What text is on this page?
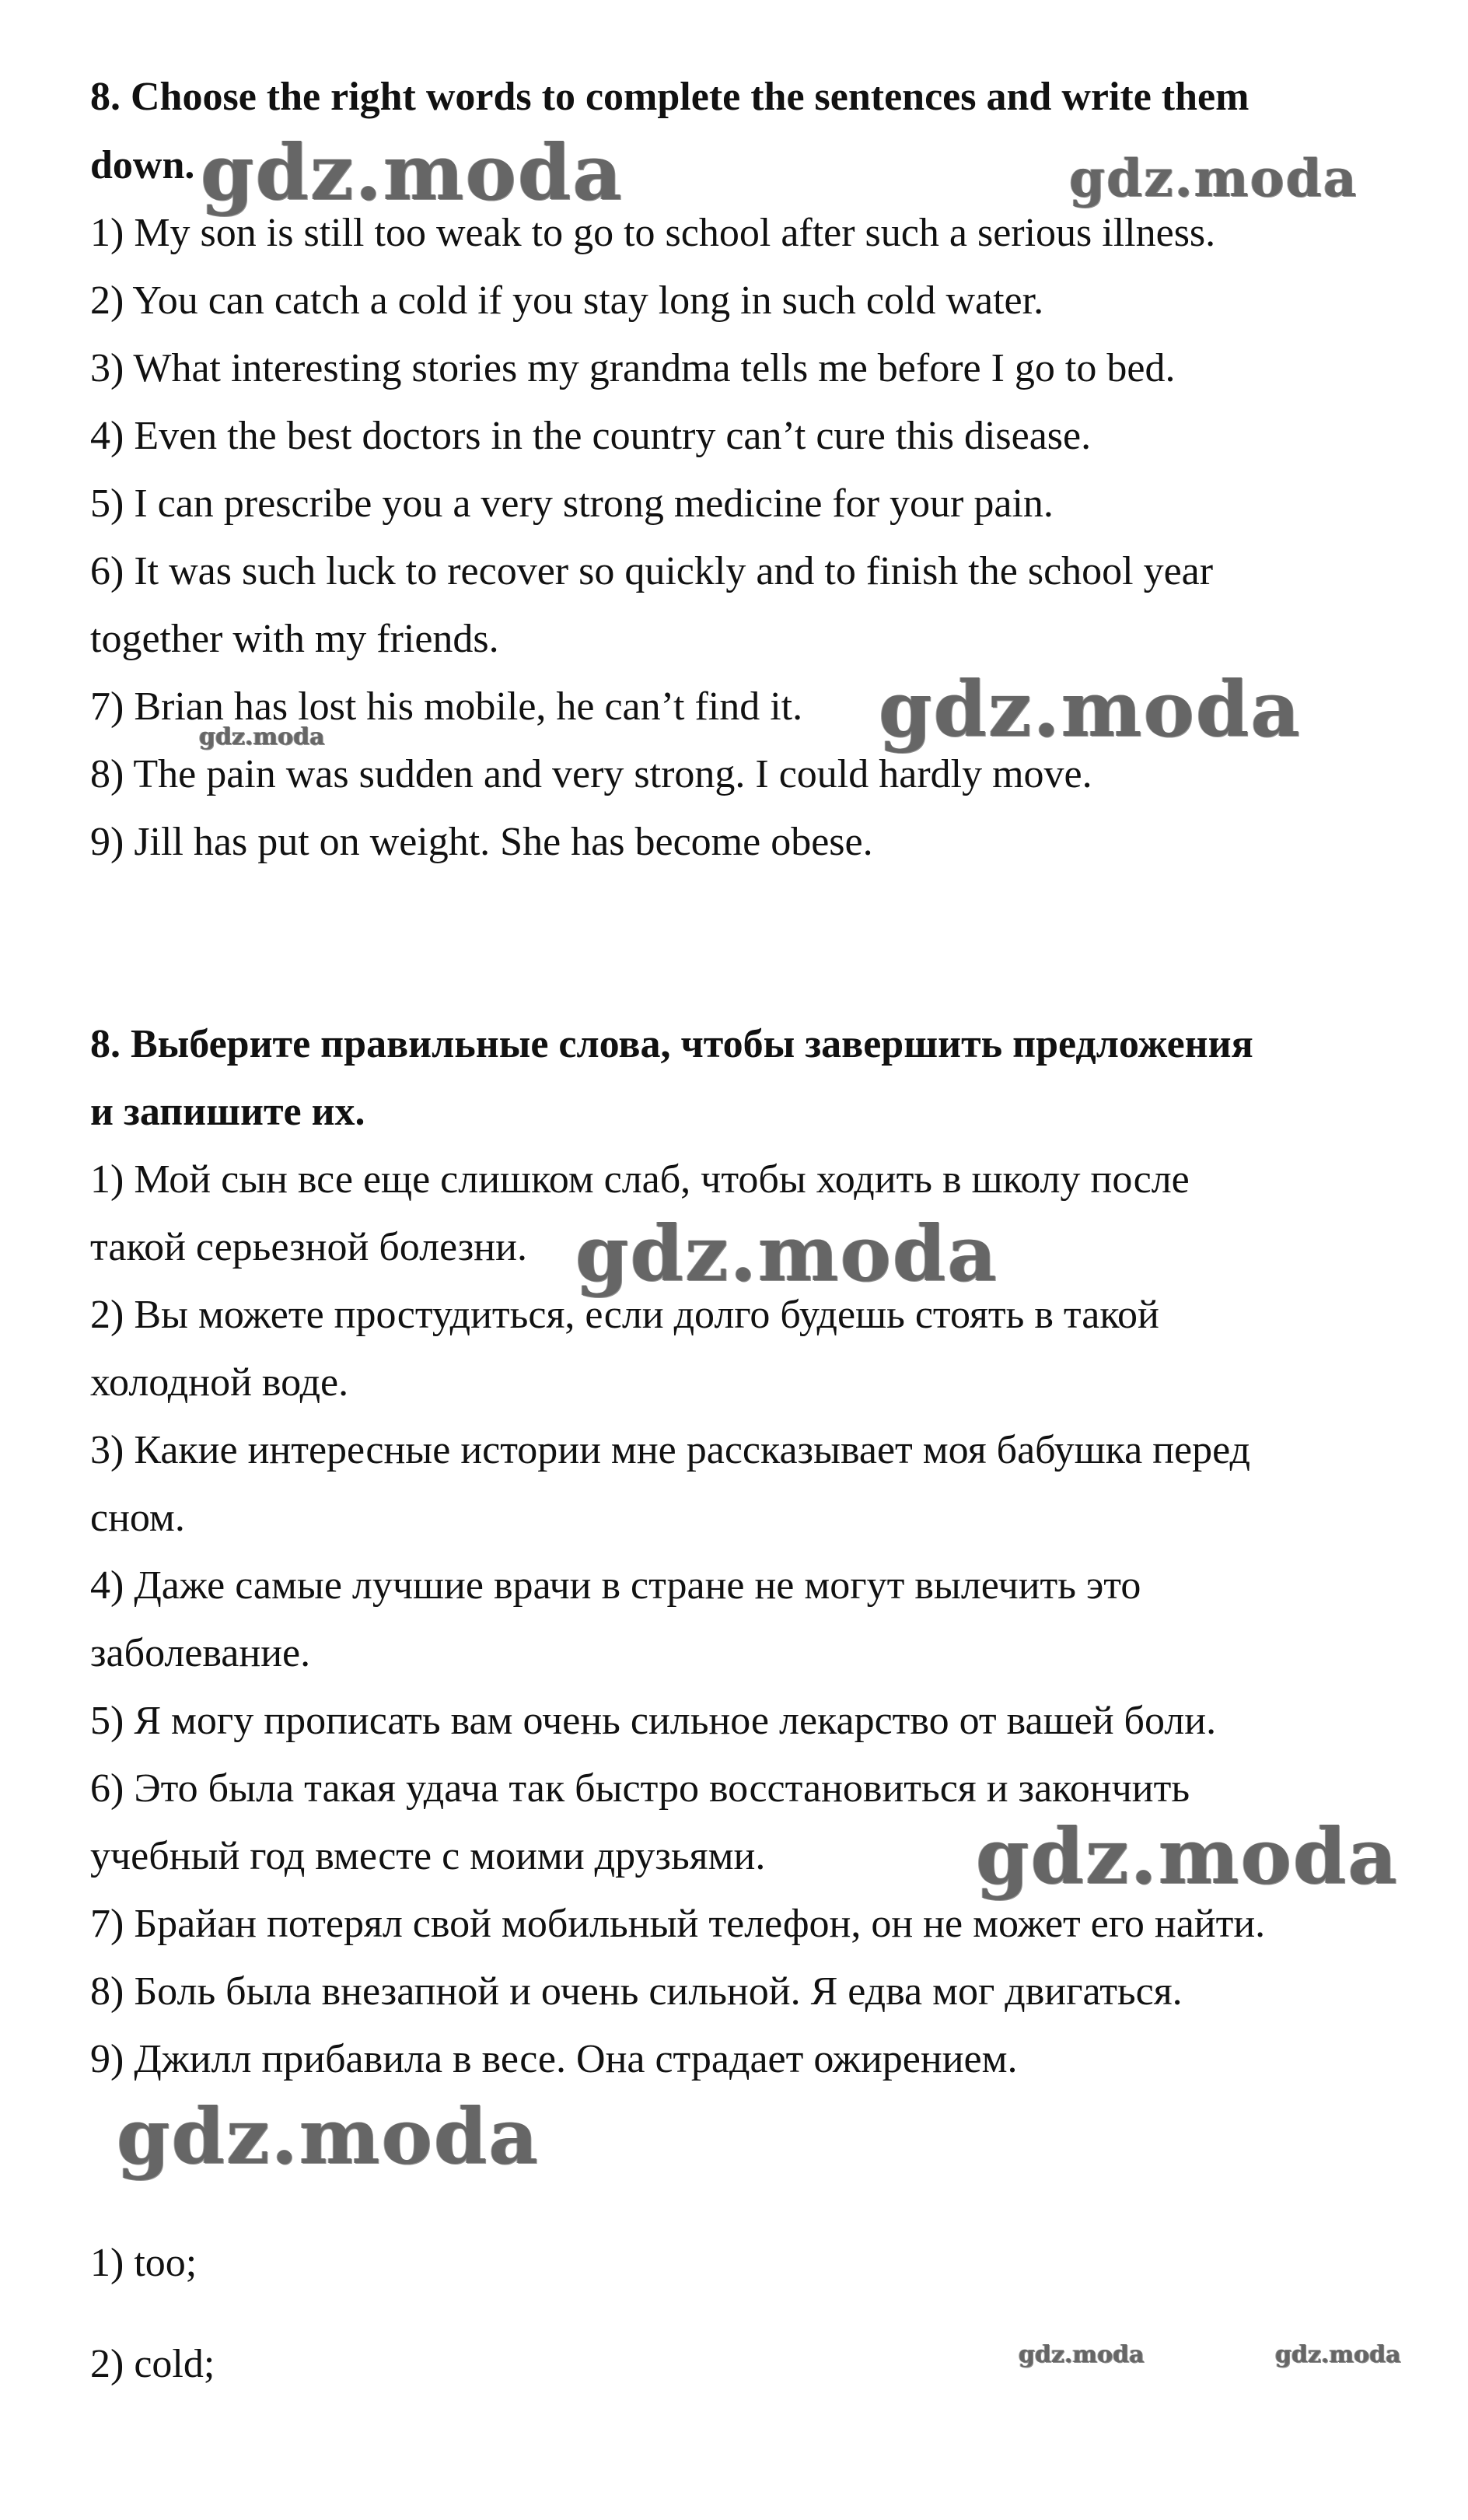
8. Choose the right words to complete the sentences and write them
down.
1) My son is still too weak to go to school after such a serious illness.
2) You can catch a cold if you stay long in such cold water.
3) What interesting stories my grandma tells me before I go to bed.
4) Even the best doctors in the country can’t cure this disease.
5) I can prescribe you a very strong medicine for your pain.
6) It was such luck to recover so quickly and to finish the school year
together with my friends.
7) Brian has lost his mobile, he can’t find it.
8) The pain was sudden and very strong. I could hardly move.
9) Jill has put on weight. She has become obese.
8. Выберите правильные слова, чтобы завершить предложения
и запишите их.
1) Мой сын все еще слишком слаб, чтобы ходить в школу после
такой серьезной болезни.
2) Вы можете простудиться, если долго будешь стоять в такой
холодной воде.
3) Какие интересные истории мне рассказывает моя бабушка перед
сном.
4) Даже самые лучшие врачи в стране не могут вылечить это
заболевание.
5) Я могу прописать вам очень сильное лекарство от вашей боли.
6) Это была такая удача так быстро восстановиться и закончить
учебный год вместе с моими друзьями.
7) Брайан потерял свой мобильный телефон, он не может его найти.
8) Боль была внезапной и очень сильной. Я едва мог двигаться.
9) Джилл прибавила в весе. Она страдает ожирением.
1) too;
2) cold;
gdz.moda	gdz.moda
gdz.moda
gdz.moda
gdz.moda
gdz.moda
gdz.moda
gdz.moda	gdz.moda
